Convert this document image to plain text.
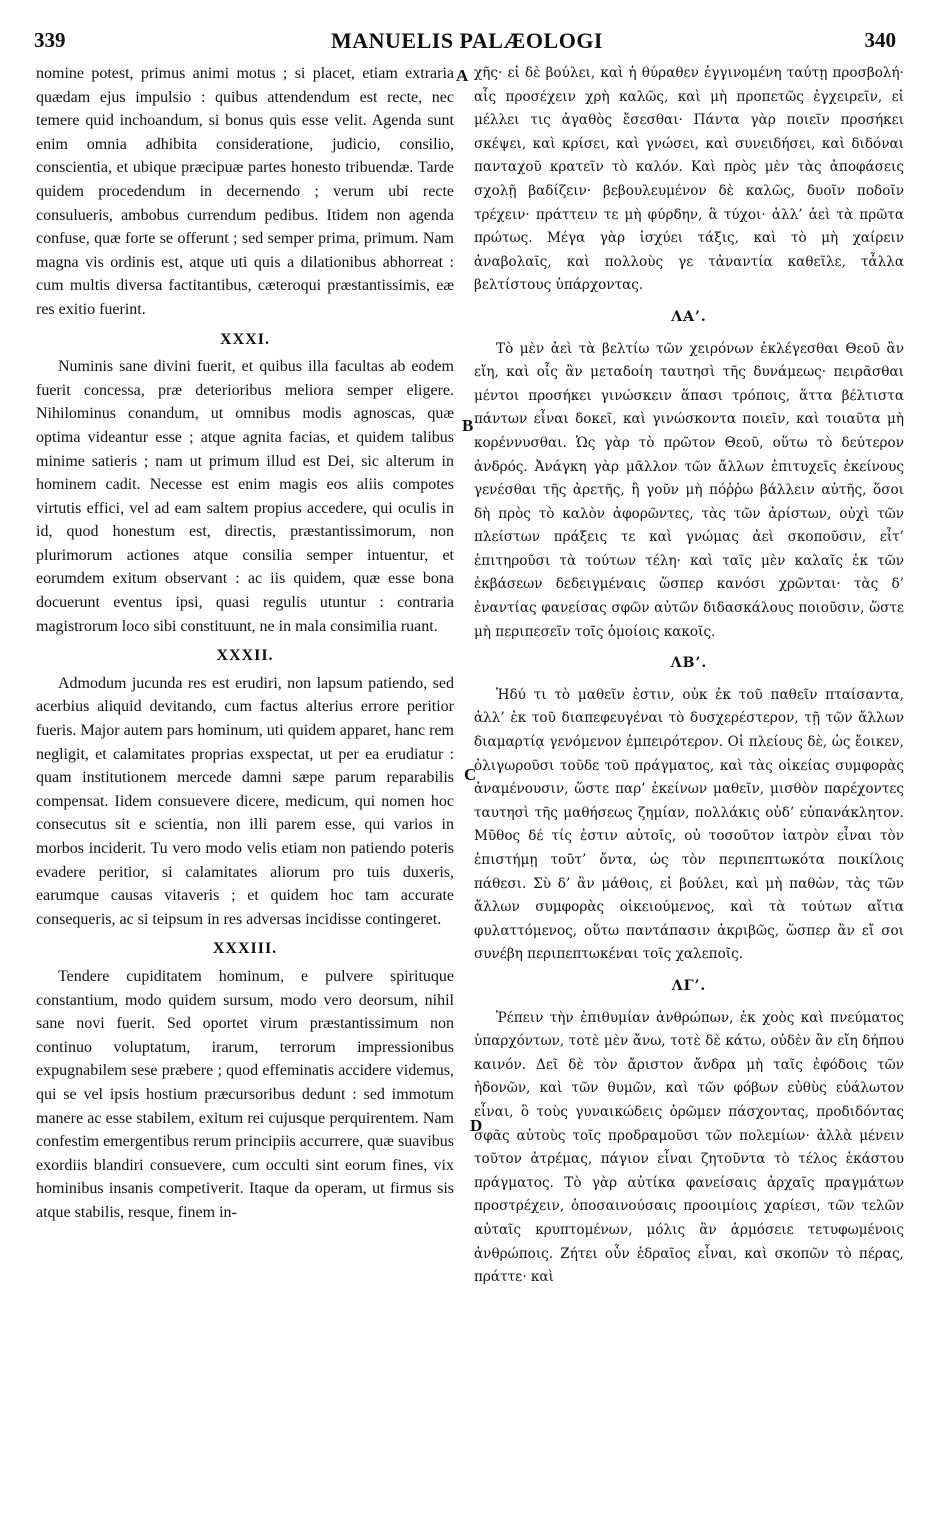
339	MANUELIS PALÆOLOGI	340

nomine potest, primus animi motus ; si placet, etiam extraria quædam ejus impulsio : quibus attendendum est recte, nec temere quid inchoandum, si bonus quis esse velit. Agenda sunt enim omnia adhibita consideratione, judicio, consilio, conscientia, et ubique præcipuæ partes honesto tribuendæ. Tarde quidem procedendum in decernendo ; verum ubi recte consulueris, ambobus currendum pedibus. Itidem non agenda confuse, quæ forte se offerunt ; sed semper prima, primum. Nam magna vis ordinis est, atque uti quis a dilationibus abhorreat : cum multis diversa factitantibus, cæteroqui præstantissimis, eæ res exitio fuerint.

XXXI.

Numinis sane divini fuerit, et quibus illa facultas ab eodem fuerit concessa, præ deterioribus meliora semper eligere. Nihilominus conandum, ut omnibus modis agnoscas, quæ optima videantur esse ; atque agnita facias, et quidem talibus minime satieris ; nam ut primum illud est Dei, sic alterum in hominem cadit. Necesse est enim magis eos aliis compotes virtutis effici, vel ad eam saltem propius accedere, qui oculis in id, quod honestum est, directis, præstantissimorum, non plurimorum actiones atque consilia semper intuentur, et eorumdem exitum observant : ac iis quidem, quæ esse bona docuerunt eventus ipsi, quasi regulis utuntur : contraria magistrorum loco sibi constituunt, ne in mala consimilia ruant.

XXXII.

Admodum jucunda res est erudiri, non lapsum patiendo, sed acerbius aliquid devitando, cum factus alterius errore peritior fueris. Major autem pars hominum, uti quidem apparet, hanc rem negligit, et calamitates proprias exspectat, ut per ea erudiatur : quam institutionem mercede damni sæpe parum reparabilis compensat. Iidem consuevere dicere, medicum, qui nomen hoc consecutus sit e scientia, non illi parem esse, qui varios in morbos inciderit. Tu vero modo velis etiam non patiendo poteris evadere peritior, si calamitates aliorum pro tuis duxeris, earumque causas vitaveris ; et quidem hoc tam accurate consequeris, ac si teipsum in res adversas incidisse contingeret.

XXXIII.

Tendere cupiditatem hominum, e pulvere spirituque constantium, modo quidem sursum, modo vero deorsum, nihil sane novi fuerit. Sed oportet virum præstantissimum non continuo voluptatum, irarum, terrorum impressionibus expugnabilem sese præbere ; quod effeminatis accidere videmus, qui se vel ipsis hostium præcursoribus dedunt : sed immotum manere ac esse stabilem, exitum rei cujusque perquirentem. Nam confestim emergentibus rerum principiis accurrere, quæ suavibus exordiis blandiri consuevere, cum occulti sint eorum fines, vix hominibus insanis competiverit. Itaque da operam, ut firmus sis atque stabilis, resque, finem in-

χῆς· εἰ δὲ βούλει, καὶ ἡ θύραθεν ἐγγινομένη ταύτῃ προσβολή· αἷς προσέχειν χρὴ καλῶς, καὶ μὴ προπετῶς ἐγχειρεῖν, εἰ μέλλει τις ἀγαθὸς ἔσεσθαι· Πάντα γὰρ ποιεῖν προσήκει σκέψει, καὶ κρίσει, καὶ γνώσει, καὶ συνειδήσει, καὶ διδόναι πανταχοῦ κρατεῖν τὸ καλόν. Καὶ πρὸς μὲν τὰς ἀποφάσεις σχολῇ βαδίζειν· βεβουλευμένον δὲ καλῶς, δυοῖν ποδοῖν τρέχειν· πράττειν τε μὴ φύρδην, ἃ τύχοι· ἀλλ’ ἀεὶ τὰ πρῶτα πρώτως. Μέγα γὰρ ἰσχύει τάξις, καὶ τὸ μὴ χαίρειν ἀναβολαῖς, καὶ πολλοὺς γε τἀναντία καθεῖλε, τἆλλα βελτίστους ὑπάρχοντας.

ΛΑ’.

Τὸ μὲν ἀεὶ τὰ βελτίω τῶν χειρόνων ἐκλέγεσθαι Θεοῦ ἂν εἴη, καὶ οἷς ἂν μεταδοίη ταυτησὶ τῆς δυνάμεως· πειρᾶσθαι μέντοι προσήκει γινώσκειν ἅπασι τρόποις, ἅττα βέλτιστα πάντων εἶναι δοκεῖ, καὶ γινώσκοντα ποιεῖν, καὶ τοιαῦτα μὴ κορέννυσθαι. Ὡς γὰρ τὸ πρῶτον Θεοῦ, οὕτω τὸ δεύτερον ἀνδρός. Ἀνάγκη γὰρ μᾶλλον τῶν ἄλλων ἐπιτυχεῖς ἐκείνους γενέσθαι τῆς ἀρετῆς, ἢ γοῦν μὴ πόῤῥω βάλλειν αὐτῆς, ὅσοι δὴ πρὸς τὸ καλὸν ἀφορῶντες, τὰς τῶν ἀρίστων, οὐχὶ τῶν πλείστων πράξεις τε καὶ γνώμας ἀεὶ σκοποῦσιν, εἶτ’ ἐπιτηροῦσι τὰ τούτων τέλη· καὶ ταῖς μὲν καλαῖς ἐκ τῶν ἐκβάσεων δεδειγμέναις ὥσπερ κανόσι χρῶνται· τὰς δ’ ἐναντίας φανείσας σφῶν αὐτῶν διδασκάλους ποιοῦσιν, ὥστε μὴ περιπεσεῖν τοῖς ὁμοίοις κακοῖς.

ΛΒ’.

Ἡδύ τι τὸ μαθεῖν ἐστιν, οὐκ ἐκ τοῦ παθεῖν πταίσαντα, ἀλλ’ ἐκ τοῦ διαπεφευγέναι τὸ δυσχερέστερον, τῇ τῶν ἄλλων διαμαρτίᾳ γενόμενον ἐμπειρότερον. Οἱ πλείους δὲ, ὡς ἔοικεν, ὀλιγωροῦσι τοῦδε τοῦ πράγματος, καὶ τὰς οἰκείας συμφορὰς ἀναμένουσιν, ὥστε παρ’ ἐκείνων μαθεῖν, μισθὸν παρέχοντες ταυτησὶ τῆς μαθήσεως ζημίαν, πολλάκις οὐδ’ εὐπανάκλητον. Μῦθος δέ τίς ἐστιν αὐτοῖς, οὐ τοσοῦτον ἰατρὸν εἶναι τὸν ἐπιστήμῃ τοῦτ’ ὄντα, ὡς τὸν περιπεπτωκότα ποικίλοις πάθεσι. Σὺ δ’ ἂν μάθοις, εἰ βούλει, καὶ μὴ παθὼν, τὰς τῶν ἄλλων συμφορὰς οἰκειούμενος, καὶ τὰ τούτων αἴτια φυλαττόμενος, οὕτω παντάπασιν ἀκριβῶς, ὥσπερ ἂν εἴ σοι συνέβη περιπεπτωκέναι τοῖς χαλεποῖς.

ΛΓ’.

Ῥέπειν τὴν ἐπιθυμίαν ἀνθρώπων, ἐκ χοὸς καὶ πνεύματος ὑπαρχόντων, τοτὲ μὲν ἄνω, τοτὲ δὲ κάτω, οὐδὲν ἂν εἴη δήπου καινόν. Δεῖ δὲ τὸν ἄριστον ἄνδρα μὴ ταῖς ἐφόδοις τῶν ἡδονῶν, καὶ τῶν θυμῶν, καὶ τῶν φόβων εὐθὺς εὐάλωτον εἶναι, ὃ τοὺς γυναικώδεις ὁρῶμεν πάσχοντας, προδιδόντας σφᾶς αὐτοὺς τοῖς προδραμοῦσι τῶν πολεμίων· ἀλλὰ μένειν τοῦτον ἀτρέμας, πάγιον εἶναι ζητοῦντα τὸ τέλος ἑκάστου πράγματος. Τὸ γὰρ αὐτίκα φανείσαις ἀρχαῖς πραγμάτων προστρέχειν, ὁποσαινούσαις προοιμίοις χαρίεσι, τῶν τελῶν αὐταῖς κρυπτομένων, μόλις ἂν ἁρμόσειε τετυφωμένοις ἀνθρώποις. Ζήτει οὖν ἑδραῖος εἶναι, καὶ σκοπῶν τὸ πέρας, πράττε· καὶ

A
B
C
D
